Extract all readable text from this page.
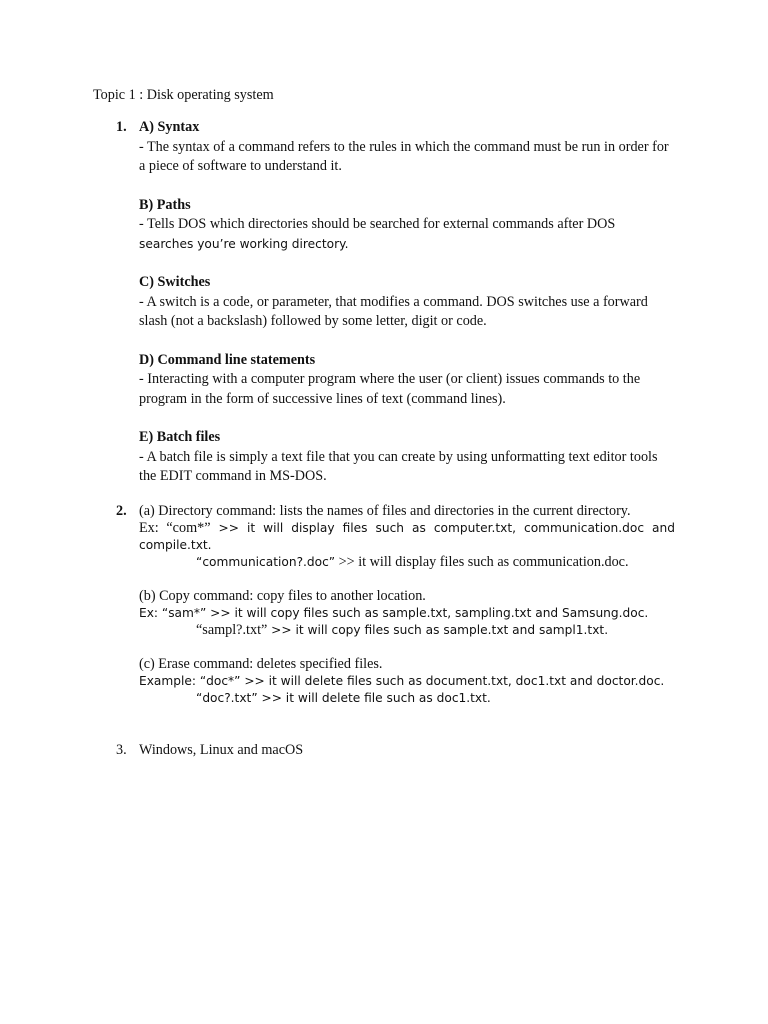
Topic 1 : Disk operating system
1. A) Syntax
- The syntax of a command refers to the rules in which the command must be run in order for a piece of software to understand it.
B) Paths
- Tells DOS which directories should be searched for external commands after DOS
searches you’re working directory.
C) Switches
- A switch is a code, or parameter, that modifies a command. DOS switches use a forward slash (not a backslash) followed by some letter, digit or code.
D) Command line statements
- Interacting with a computer program where the user (or client) issues commands to the program in the form of successive lines of text (command lines).
E) Batch files
- A batch file is simply a text file that you can create by using unformatting text editor tools the EDIT command in MS-DOS.
2. (a) Directory command: lists the names of files and directories in the current directory.
Ex: “com*” >> it will display files such as computer.txt, communication.doc and compile.txt.
“communication?.doc” >> it will display files such as communication.doc.
(b) Copy command: copy files to another location.
Ex: “sam*” >> it will copy files such as sample.txt, sampling.txt and Samsung.doc.
“sampl?.txt” >> it will copy files such as sample.txt and sampl1.txt.
(c) Erase command: deletes specified files.
Example: “doc*” >> it will delete files such as document.txt, doc1.txt and doctor.doc.
“doc?.txt” >> it will delete file such as doc1.txt.
3. Windows, Linux and macOS
